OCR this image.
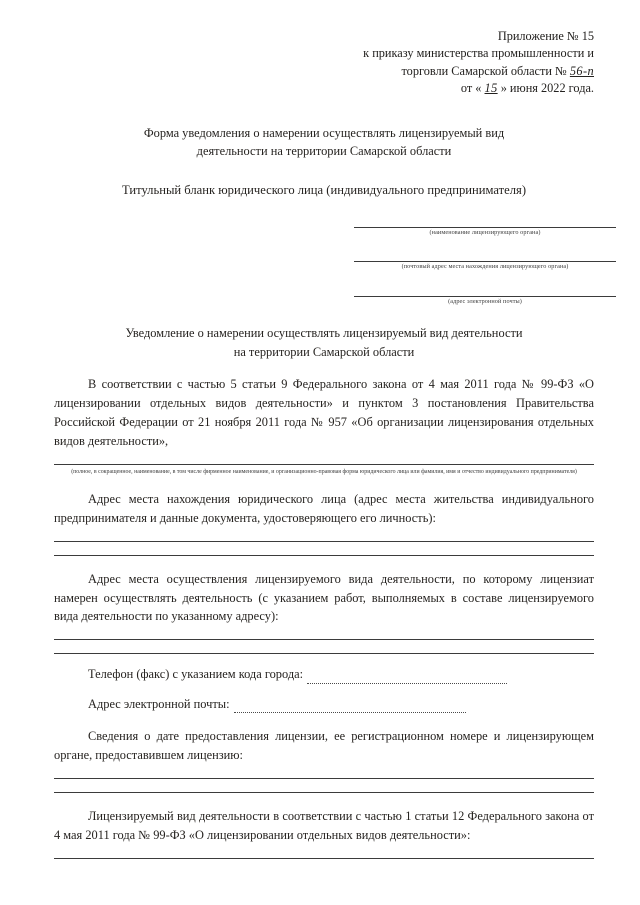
Приложение № 15
к приказу министерства промышленности и
торговли Самарской области № 56-п
от « 15 » июня 2022 года.
Форма уведомления о намерении осуществлять лицензируемый вид
деятельности на территории Самарской области
Титульный бланк юридического лица (индивидуального предпринимателя)
(наименование лицензирующего органа)
(почтовый адрес места нахождения лицензирующего органа)
(адрес электронной почты)
Уведомление о намерении осуществлять лицензируемый вид деятельности
на территории Самарской области
В соответствии с частью 5 статьи 9 Федерального закона от 4 мая 2011 года № 99-ФЗ «О лицензировании отдельных видов деятельности» и пунктом 3 постановления Правительства Российской Федерации от 21 ноября 2011 года № 957 «Об организации лицензирования отдельных видов деятельности»,
(полное, в сокращенное, наименование, в том числе фирменное наименование, и организационно-правовая форма юридического лица или фамилия, имя и отчество индивидуального предпринимателя)
Адрес места нахождения юридического лица (адрес места жительства индивидуального предпринимателя и данные документа, удостоверяющего его личность):
Адрес места осуществления лицензируемого вида деятельности, по которому лицензиат намерен осуществлять деятельность (с указанием работ, выполняемых в составе лицензируемого вида деятельности по указанному адресу):
Телефон (факс) с указанием кода города:
Адрес электронной почты:
Сведения о дате предоставления лицензии, ее регистрационном номере и лицензирующем органе, предоставившем лицензию:
Лицензируемый вид деятельности в соответствии с частью 1 статьи 12 Федерального закона от 4 мая 2011 года № 99-ФЗ «О лицензировании отдельных видов деятельности»:
